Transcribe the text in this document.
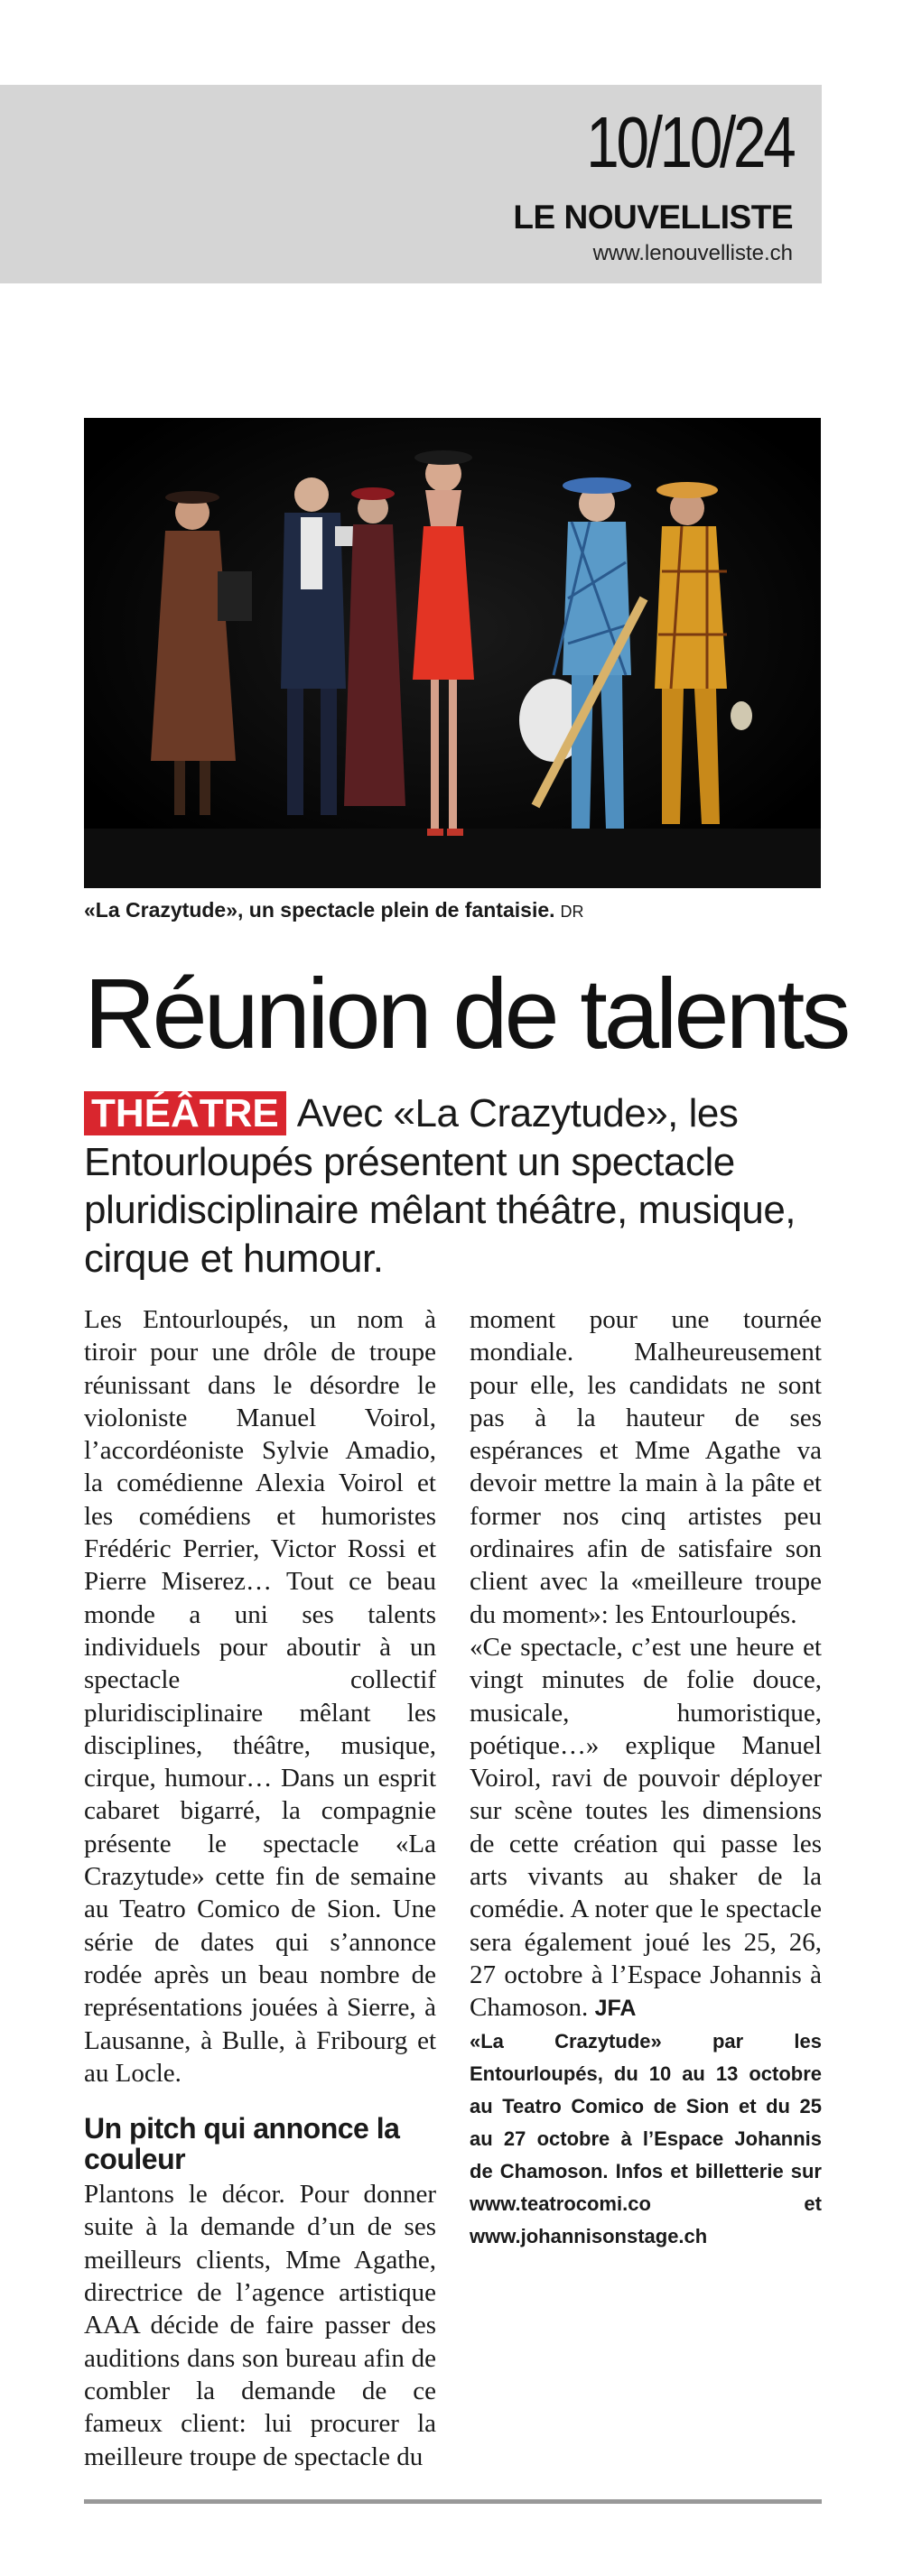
10/10/24
LE NOUVELLISTE
www.lenouvelliste.ch
«La Crazytude», un spectacle plein de fantaisie. DR
Réunion de talents
THÉÂTRE Avec «La Crazytude», les Entourloupés présentent un spectacle pluridisciplinaire mêlant théâtre, musique, cirque et humour.

Les Entourloupés, un nom à tiroir pour une drôle de troupe réunissant dans le désordre le violoniste Manuel Voirol, l’accordéoniste Sylvie Amadio, la comédienne Alexia Voirol et les comédiens et humoristes Frédéric Perrier, Victor Rossi et Pierre Miserez… Tout ce beau monde a uni ses talents individuels pour aboutir à un spectacle collectif pluridisciplinaire mêlant les disciplines, théâtre, musique, cirque, humour… Dans un esprit cabaret bigarré, la compagnie présente le spectacle «La Crazytude» cette fin de semaine au Teatro Comico de Sion. Une série de dates qui s’annonce rodée après un beau nombre de représentations jouées à Sierre, à Lausanne, à Bulle, à Fribourg et au Locle.

Un pitch qui annonce la couleur

Plantons le décor. Pour donner suite à la demande d’un de ses meilleurs clients, Mme Agathe, directrice de l’agence artistique AAA décide de faire passer des auditions dans son bureau afin de combler la demande de ce fameux client: lui procurer la meilleure troupe de spectacle du

moment pour une tournée mondiale. Malheureusement pour elle, les candidats ne sont pas à la hauteur de ses espérances et Mme Agathe va devoir mettre la main à la pâte et former nos cinq artistes peu ordinaires afin de satisfaire son client avec la «meilleure troupe du moment»: les Entourloupés.

«Ce spectacle, c’est une heure et vingt minutes de folie douce, musicale, humoristique, poétique…» explique Manuel Voirol, ravi de pouvoir déployer sur scène toutes les dimensions de cette création qui passe les arts vivants au shaker de la comédie. A noter que le spectacle sera également joué les 25, 26, 27 octobre à l’Espace Johannis à Chamoson. JFA

«La Crazytude» par les Entourloupés, du 10 au 13 octobre au Teatro Comico de Sion et du 25 au 27 octobre à l’Espace Johannis de Chamoson. Infos et billetterie sur www.teatrocomi.co et www.johannisonstage.ch
